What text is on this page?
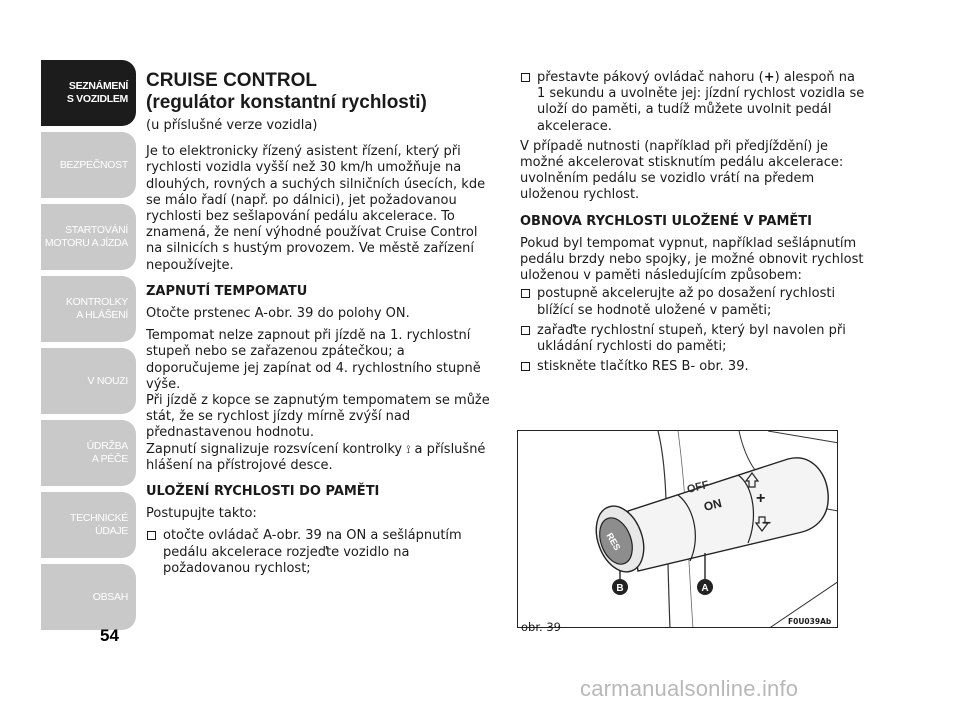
SEZNÁMENÍ
S VOZIDLEM
BEZPEČNOST
STARTOVÁNÍ
MOTORU A JÍZDA
KONTROLKY
A HLÁŠENÍ
V NOUZI
ÚDRŽBA
A PÉČE
TECHNICKÉ
ÚDAJE
OBSAH
54
CRUISE CONTROL
(regulátor konstantní rychlosti)

(u příslušné verze vozidla)

Je to elektronicky řízený asistent řízení, který při rychlosti vozidla vyšší než 30 km/h umožňuje na dlouhých, rovných a suchých silničních úsecích, kde se málo řadí (např. po dálnici), jet požadovanou rychlosti bez sešlapování pedálu akcelerace. To znamená, že není výhodné používat Cruise Control na silnicích s hustým provozem. Ve městě zařízení nepoužívejte.

ZAPNUTÍ TEMPOMATU

Otočte prstenec A-obr. 39 do polohy ON.

Tempomat nelze zapnout při jízdě na 1. rychlostní stupeň nebo se zařazenou zpátečkou; a doporučujeme jej zapínat od 4. rychlostního stupně výše.

Při jízdě z kopce se zapnutým tempomatem se může stát, že se rychlost jízdy mírně zvýší nad přednastavenou hodnotu.

Zapnutí signalizuje rozsvícení kontrolky ⟟ a příslušné hlášení na přístrojové desce.

ULOŽENÍ RYCHLOSTI DO PAMĚTI

Postupujte takto:

otočte ovládač A-obr. 39 na ON a sešlápnutím pedálu akcelerace rozjeďte vozidlo na požadovanou rychlost;
přestavte pákový ovládač nahoru (+) alespoň na 1 sekundu a uvolněte jej: jízdní rychlost vozidla se uloží do paměti, a tudíž můžete uvolnit pedál akcelerace.

V případě nutnosti (například při předjíždění) je možné akcelerovat stisknutím pedálu akcelerace: uvolněním pedálu se vozidlo vrátí na předem uloženou rychlost.

OBNOVA RYCHLOSTI ULOŽENÉ V PAMĚTI

Pokud byl tempomat vypnut, například sešlápnutím pedálu brzdy nebo spojky, je možné obnovit rychlost uloženou v paměti následujícím způsobem:

postupně akcelerujte až po dosažení rychlosti blížící se hodnotě uložené v paměti;
zařaďte rychlostní stupeň, který byl navolen při ukládání rychlosti do paměti;
stiskněte tlačítko RES B- obr. 39.
RES
OFF
ON +
–
B	A
obr. 39	F0U039Ab
carmanualsonline.info
